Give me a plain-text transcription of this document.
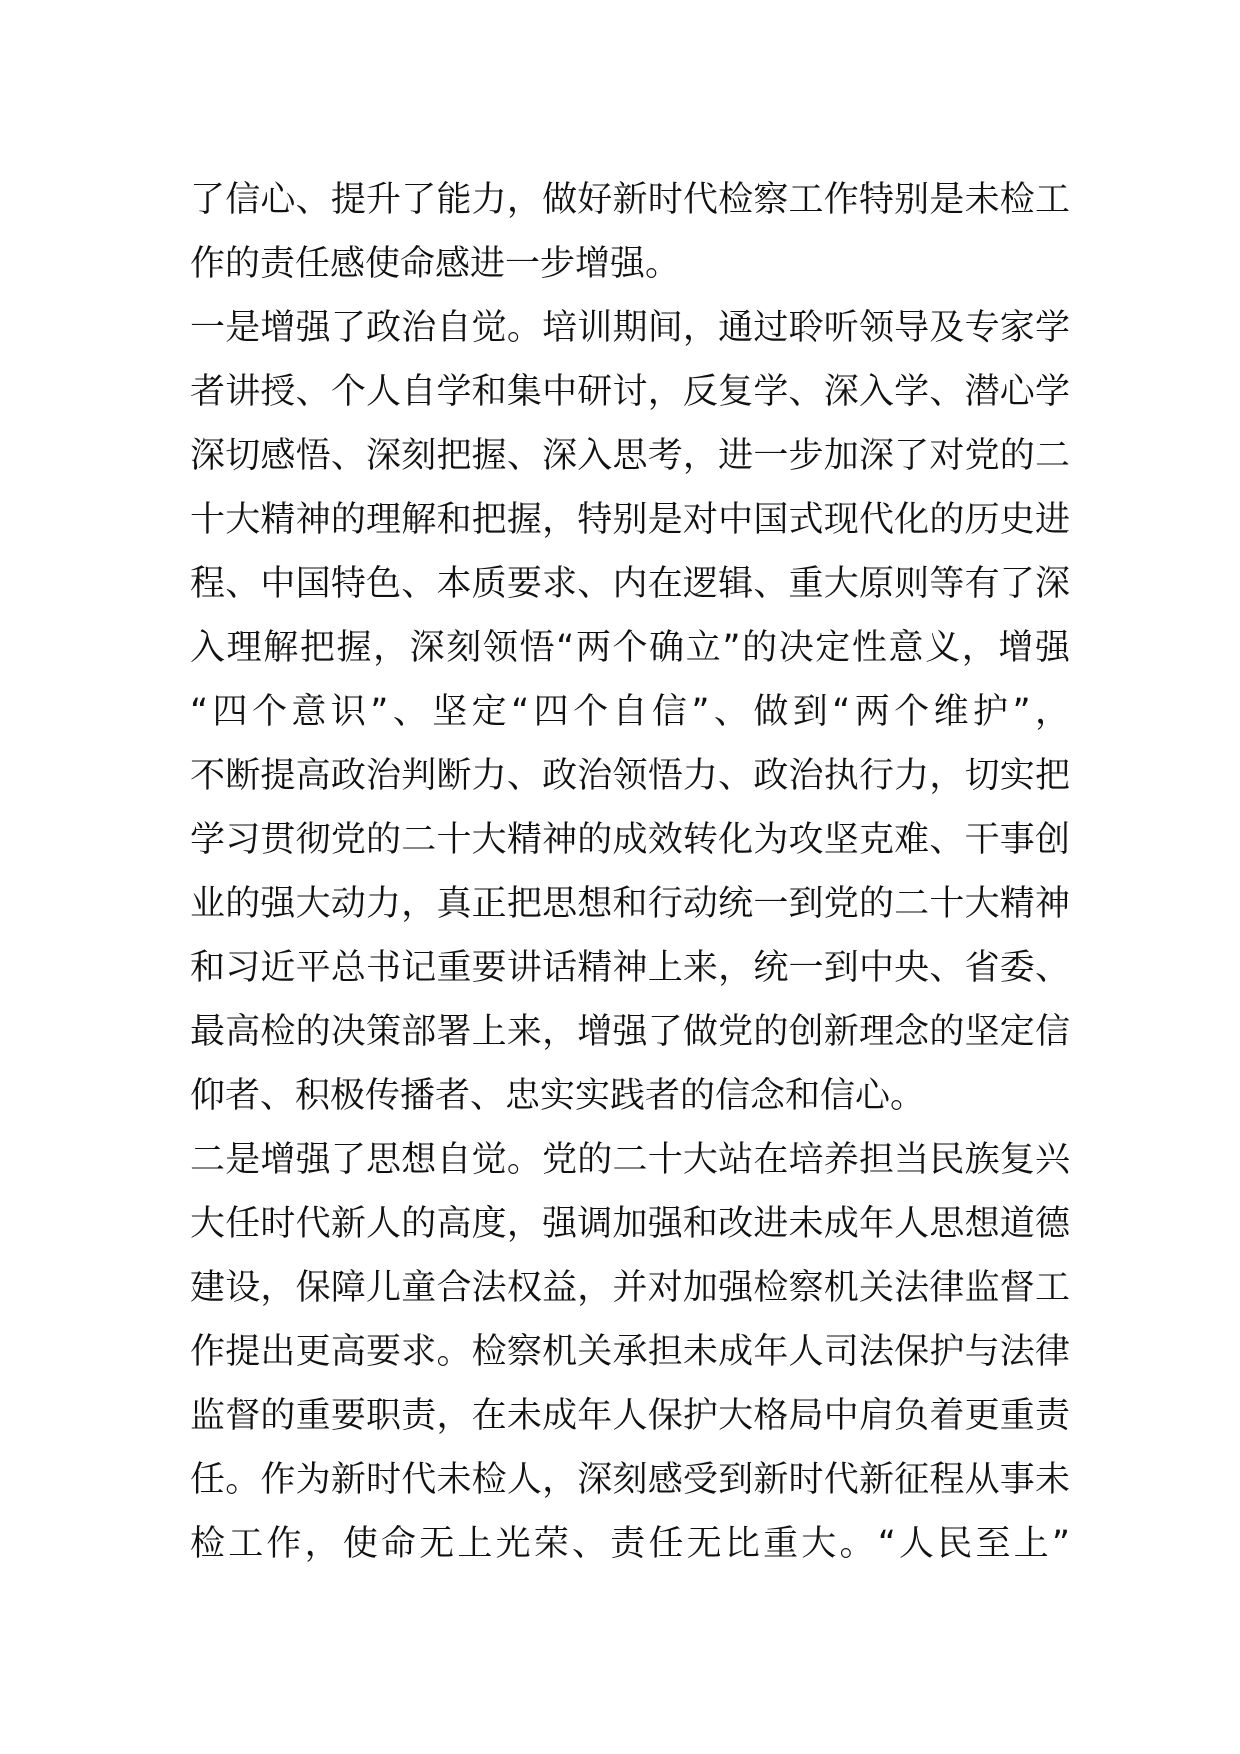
了信心、提升了能力，做好新时代检察工作特别是未检工
作的责任感使命感进一步增强。
一是增强了政治自觉。培训期间，通过聆听领导及专家学
者讲授、个人自学和集中研讨，反复学、深入学、潜心学
深切感悟、深刻把握、深入思考，进一步加深了对党的二
十大精神的理解和把握，特别是对中国式现代化的历史进
程、中国特色、本质要求、内在逻辑、重大原则等有了深
入理解把握，深刻领悟“两个确立”的决定性意义，增强
“四个意识”、坚定“四个自信”、做到“两个维护”，
不断提高政治判断力、政治领悟力、政治执行力，切实把
学习贯彻党的二十大精神的成效转化为攻坚克难、干事创
业的强大动力，真正把思想和行动统一到党的二十大精神
和习近平总书记重要讲话精神上来，统一到中央、省委、
最高检的决策部署上来，增强了做党的创新理念的坚定信
仰者、积极传播者、忠实实践者的信念和信心。
二是增强了思想自觉。党的二十大站在培养担当民族复兴
大任时代新人的高度，强调加强和改进未成年人思想道德
建设，保障儿童合法权益，并对加强检察机关法律监督工
作提出更高要求。检察机关承担未成年人司法保护与法律
监督的重要职责，在未成年人保护大格局中肩负着更重责
任。作为新时代未检人，深刻感受到新时代新征程从事未
检工作，使命无上光荣、责任无比重大。“人民至上”
